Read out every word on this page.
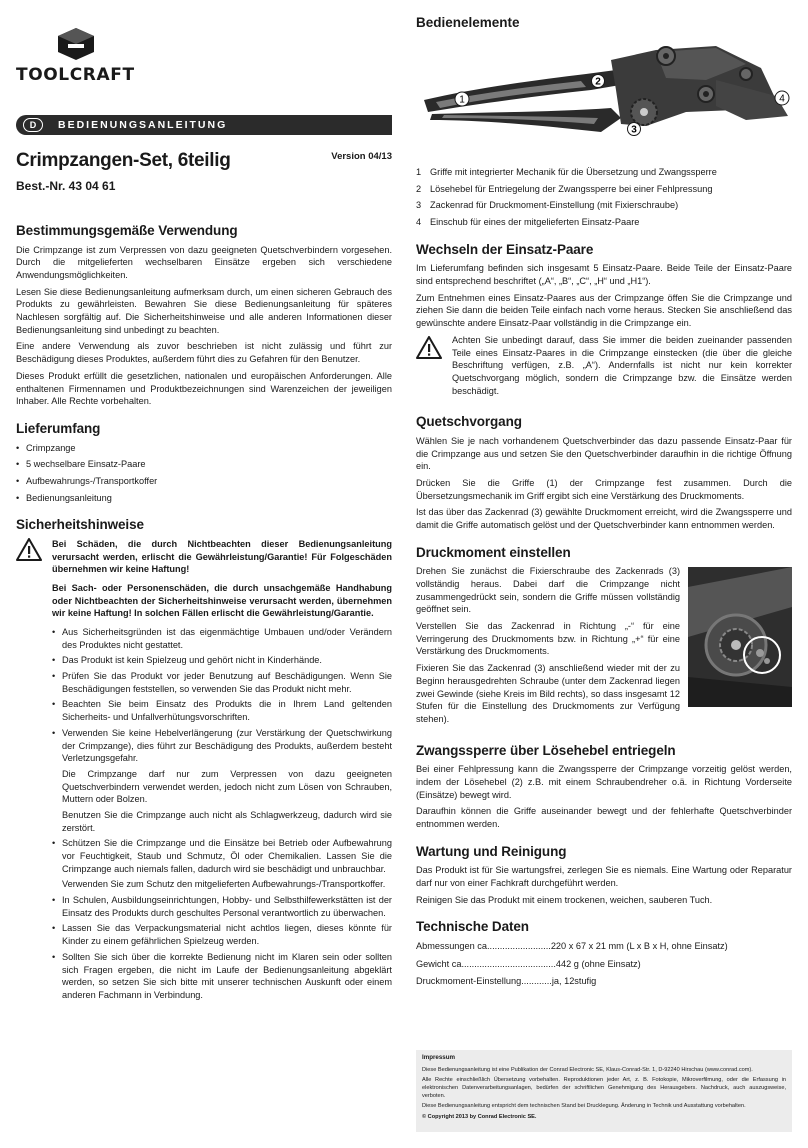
TOOLCRAFT
D	BEDIENUNGSANLEITUNG
Crimpzangen-Set, 6teilig	Version 04/13
Best.-Nr. 43 04 61
Bestimmungsgemäße Verwendung

Die Crimpzange ist zum Verpressen von dazu geeigneten Quetschverbindern vorgesehen. Durch die mitgelieferten wechselbaren Einsätze ergeben sich verschiedene Anwendungsmöglichkeiten.

Lesen Sie diese Bedienungsanleitung aufmerksam durch, um einen sicheren Gebrauch des Produkts zu gewährleisten. Bewahren Sie diese Bedienungsanleitung für späteres Nachlesen sorgfältig auf. Die Sicherheitshinweise und alle anderen Informationen dieser Bedienungsanleitung sind unbedingt zu beachten.

Eine andere Verwendung als zuvor beschrieben ist nicht zulässig und führt zur Beschädigung dieses Produktes, außerdem führt dies zu Gefahren für den Benutzer.

Dieses Produkt erfüllt die gesetzlichen, nationalen und europäischen Anforderungen. Alle enthaltenen Firmennamen und Produktbezeichnungen sind Warenzeichen der jeweiligen Inhaber. Alle Rechte vorbehalten.

Lieferumfang
• Crimpzange
• 5 wechselbare Einsatz-Paare
• Aufbewahrungs-/Transportkoffer
• Bedienungsanleitung
Sicherheitshinweise

Bei Schäden, die durch Nichtbeachten dieser Bedienungsanleitung verursacht werden, erlischt die Gewährleistung/Garantie! Für Folgeschäden übernehmen wir keine Haftung!

Bei Sach- oder Personenschäden, die durch unsachgemäße Handhabung oder Nichtbeachten der Sicherheitshinweise verursacht werden, übernehmen wir keine Haftung! In solchen Fällen erlischt die Gewährleistung/Garantie.

• Aus Sicherheitsgründen ist das eigenmächtige Umbauen und/oder Verändern des Produktes nicht gestattet.
• Das Produkt ist kein Spielzeug und gehört nicht in Kinderhände.
• Prüfen Sie das Produkt vor jeder Benutzung auf Beschädigungen. Wenn Sie Beschädigungen feststellen, so verwenden Sie das Produkt nicht mehr.
• Beachten Sie beim Einsatz des Produkts die in Ihrem Land geltenden Sicherheits- und Unfallverhütungsvorschriften.
• Verwenden Sie keine Hebelverlängerung (zur Verstärkung der Quetschwirkung der Crimpzange), dies führt zur Beschädigung des Produkts, außerdem besteht Verletzungsgefahr.

Die Crimpzange darf nur zum Verpressen von dazu geeigneten Quetschverbindern verwendet werden, jedoch nicht zum Lösen von Schrauben, Muttern oder Bolzen.

Benutzen Sie die Crimpzange auch nicht als Schlagwerkzeug, dadurch wird sie zerstört.

• Schützen Sie die Crimpzange und die Einsätze bei Betrieb oder Aufbewahrung vor Feuchtigkeit, Staub und Schmutz, Öl oder Chemikalien. Lassen Sie die Crimpzange auch niemals fallen, dadurch wird sie beschädigt und unbrauchbar.

Verwenden Sie zum Schutz den mitgelieferten Aufbewahrungs-/Transportkoffer.

• In Schulen, Ausbildungseinrichtungen, Hobby- und Selbsthilfewerkstätten ist der Einsatz des Produkts durch geschultes Personal verantwortlich zu überwachen.
• Lassen Sie das Verpackungsmaterial nicht achtlos liegen, dieses könnte für Kinder zu einem gefährlichen Spielzeug werden.
• Sollten Sie sich über die korrekte Bedienung nicht im Klaren sein oder sollten sich Fragen ergeben, die nicht im Laufe der Bedienungsanleitung abgeklärt werden, so setzen Sie sich bitte mit unserer technischen Auskunft oder einem anderen Fachmann in Verbindung.
Bedienelemente
1
2
3
4
1 Griffe mit integrierter Mechanik für die Übersetzung und Zwangssperre
2 Lösehebel für Entriegelung der Zwangssperre bei einer Fehlpressung
3 Zackenrad für Druckmoment-Einstellung (mit Fixierschraube)
4 Einschub für eines der mitgelieferten Einsatz-Paare
Wechseln der Einsatz-Paare

Im Lieferumfang befinden sich insgesamt 5 Einsatz-Paare. Beide Teile der Einsatz-Paare sind entsprechend beschriftet („A“, „B“, „C“, „H“ und „H1“).

Zum Entnehmen eines Einsatz-Paares aus der Crimpzange öffen Sie die Crimpzange und ziehen Sie dann die beiden Teile einfach nach vorne heraus. Stecken Sie anschließend das gewünschte andere Einsatz-Paar vollständig in die Crimpzange ein.

Achten Sie unbedingt darauf, dass Sie immer die beiden zueinander passenden Teile eines Einsatz-Paares in die Crimpzange einstecken (die über die gleiche Beschriftung verfügen, z.B. „A“). Andernfalls ist nicht nur kein korrekter Quetschvorgang möglich, sondern die Crimpzange bzw. die Einsätze werden beschädigt.

Quetschvorgang

Wählen Sie je nach vorhandenem Quetschverbinder das dazu passende Einsatz-Paar für die Crimpzange aus und setzen Sie den Quetschverbinder daraufhin in die richtige Öffnung ein.

Drücken Sie die Griffe (1) der Crimpzange fest zusammen. Durch die Übersetzungsmechanik im Griff ergibt sich eine Verstärkung des Druckmoments.

Ist das über das Zackenrad (3) gewählte Druckmoment erreicht, wird die Zwangssperre und damit die Griffe automatisch gelöst und der Quetschverbinder kann entnommen werden.

Druckmoment einstellen

Drehen Sie zunächst die Fixierschraube des Zackenrads (3) vollständig heraus. Dabei darf die Crimpzange nicht zusammengedrückt sein, sondern die Griffe müssen vollständig geöffnet sein.

Verstellen Sie das Zackenrad in Richtung „-“ für eine Verringerung des Druckmoments bzw. in Richtung „+“ für eine Verstärkung des Druckmoments.

Fixieren Sie das Zackenrad (3) anschließend wieder mit der zu Beginn herausgedrehten Schraube (unter dem Zackenrad liegen zwei Gewinde (siehe Kreis im Bild rechts), so dass insgesamt 12 Stufen für die Einstellung des Druckmoments zur Verfügung stehen).

Zwangssperre über Lösehebel entriegeln

Bei einer Fehlpressung kann die Zwangssperre der Crimpzange vorzeitig gelöst werden, indem der Lösehebel (2) z.B. mit einem Schraubendreher o.ä. in Richtung Vorderseite (Einsätze) bewegt wird.

Daraufhin können die Griffe auseinander bewegt und der fehlerhafte Quetschverbinder entnommen werden.

Wartung und Reinigung

Das Produkt ist für Sie wartungsfrei, zerlegen Sie es niemals. Eine Wartung oder Reparatur darf nur von einer Fachkraft durchgeführt werden.

Reinigen Sie das Produkt mit einem trockenen, weichen, sauberen Tuch.

Technische Daten
Abmessungen ca. ........................ 220 x 67 x 21 mm (L x B x H, ohne Einsatz)
Gewicht ca. .................................... 442 g (ohne Einsatz)
Druckmoment-Einstellung ............ ja, 12stufig
Impressum

Diese Bedienungsanleitung ist eine Publikation der Conrad Electronic SE, Klaus-Conrad-Str. 1, D-92240 Hirschau (www.conrad.com).

Alle Rechte einschließlich Übersetzung vorbehalten. Reproduktionen jeder Art, z. B. Fotokopie, Mikroverfilmung, oder die Erfassung in elektronischen Datenverarbeitungsanlagen, bedürfen der schriftlichen Genehmigung des Herausgebers. Nachdruck, auch auszugsweise, verboten.

Diese Bedienungsanleitung entspricht dem technischen Stand bei Drucklegung. Änderung in Technik und Ausstattung vorbehalten.

© Copyright 2013 by Conrad Electronic SE.
